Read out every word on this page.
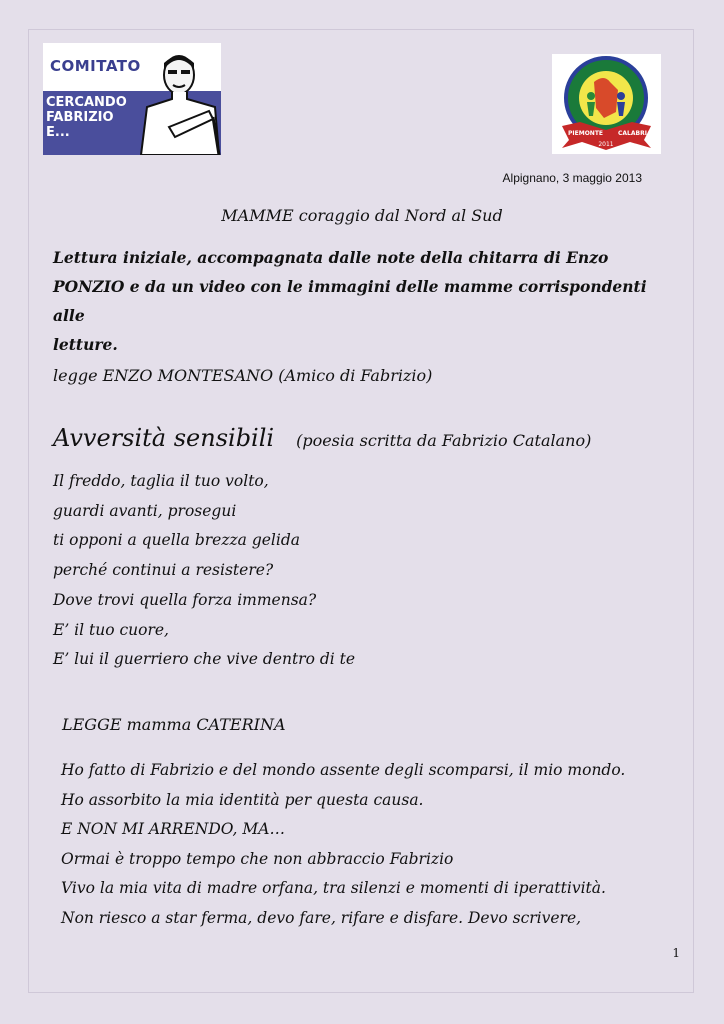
COMITATO
CERCANDO
FABRIZIO
E...
2011
PIEMONTE CALABRIA
Alpignano, 3 maggio 2013
MAMME coraggio dal Nord al Sud
Lettura iniziale, accompagnata dalle note della chitarra di Enzo
PONZIO e da un video con le immagini delle mamme corrispondenti alle
letture.
legge ENZO MONTESANO (Amico di Fabrizio)
Avversità sensibili (poesia scritta da Fabrizio Catalano)
Il freddo, taglia il tuo volto,
guardi avanti, prosegui
ti opponi a quella brezza gelida
perché continui a resistere?
Dove trovi quella forza immensa?
E’ il tuo cuore,
E’ lui il guerriero che vive dentro di te
LEGGE mamma CATERINA
Ho fatto di Fabrizio e del mondo assente degli scomparsi, il mio mondo.
Ho assorbito la mia identità per questa causa.
E NON MI ARRENDO, MA…
Ormai è troppo tempo che non abbraccio Fabrizio
Vivo la mia vita di madre orfana, tra silenzi e momenti di iperattività.
Non riesco a star ferma, devo fare, rifare e disfare. Devo scrivere,
1
